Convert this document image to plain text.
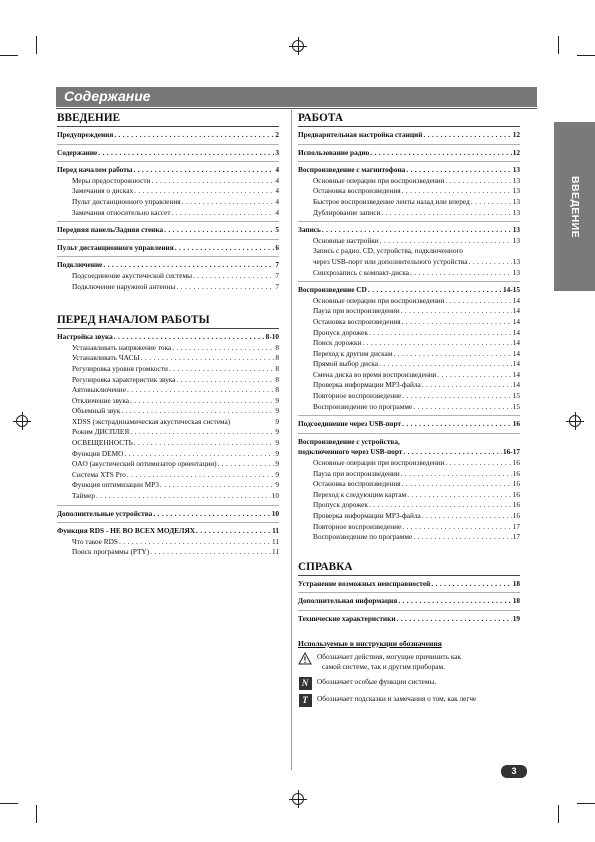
Содержание
ВВЕДЕНИЕ
ВВЕДЕНИЕ
Предупреждения . . .	2
Содержание . . .	3
Перед началом работы . . .	4
Меры предосторожности . . .	4
Замечания о дисках . . .	4
Пульт дистанционного управления . . .	4
Замечания относительно кассет . . .	4
Передняя панель/Задняя стенка . . .	5
Пульт дистанционного управления . . .	6
Подключение . . .	7
Подсоединение акустической системы . . .	7
Подключение наружной антенны . . .	7
ПЕРЕД НАЧАЛОМ РАБОТЫ
Настройка звука . . .	8-10
Устанавливать напряжение тока . . .	8
Устанавливать ЧАСЫ . . .	8
Регулировка уровня громкости . . .	8
Регулировка характеристик звука . . .	8
Автовыключение . . .	8
Отключение звука . . .	9
Объемный звук . . .	9
XDSS (экстрадинамическая акустическая система)	9
Режим ДИСПЛЕЯ . . .	9
ОСВЕЩЕННОСТЬ . . .	9
Функция DEMO . . .	9
OAO (акустический оптимизатор ориентации) . . .	9
Система XTS Pro . . .	9
Функция оптимизации MP3 . . .	9
Таймер . . .	10
Дополнительные устройства . . .	10
Функция RDS - НЕ ВО ВСЕХ МОДЕЛЯХ . . .	11
Что такое RDS . . .	11
Поиск программы (PTY) . . .	11
РАБОТА
Предварительная настройка станций . . .	12
Использование радио . . .	12
Воспроизведение с магнитофона . . .	13
Основные операции при воспроизведении . . .	13
Остановка воспроизведения . . .	13
Быстрое воспроизведение ленты назад или вперед . . .	13
Дублирование записи . . .	13
Запись . . .	13
Основные настройки . . .	13
Запись с радио, CD, устройства, подключенного
через USB-порт или дополнительного устройства . . .	13
Синхрозапись с компакт-диска . . .	13
Воспроизведение CD . . .	14-15
Основные операции при воспроизведении . . .	14
Пауза при воспроизведении . . .	14
Остановка воспроизведения . . .	14
Пропуск дорожек . . .	14
Поиск дорожки . . .	14
Переход к другим дискам . . .	14
Прямой выбор диска . . .	14
Смена диска во время воспроизведения . . .	14
Проверка информации MP3-файла . . .	14
Повторное воспроизведение . . .	15
Воспроизведение по программе . . .	15
Подсоединение через USB-порт . . .	16
Воспроизведение с устройства,
подключенного через USB-порт . . .	16-17
Основные операции при воспроизведении . . .	16
Пауза при воспроизведении . . .	16
Остановка воспроизведения . . .	16
Переход к следующим картам . . .	16
Пропуск дорожек . . .	16
Проверка информации MP3-файла . . .	16
Повторное воспроизведение . . .	17
Воспроизведение по программе . . .	17
СПРАВКА
Устранение возможных неисправностей . . .	18
Дополнительная информация . . .	18
Технические характеристики . . .	19
Используемые в инструкции обозначения
Обозначает действия, могущие причинить как
самой системе, так и другим приборам.
N	Обозначает особые функции системы.
T	Обозначает подсказки и замечания о том, как легче
3
